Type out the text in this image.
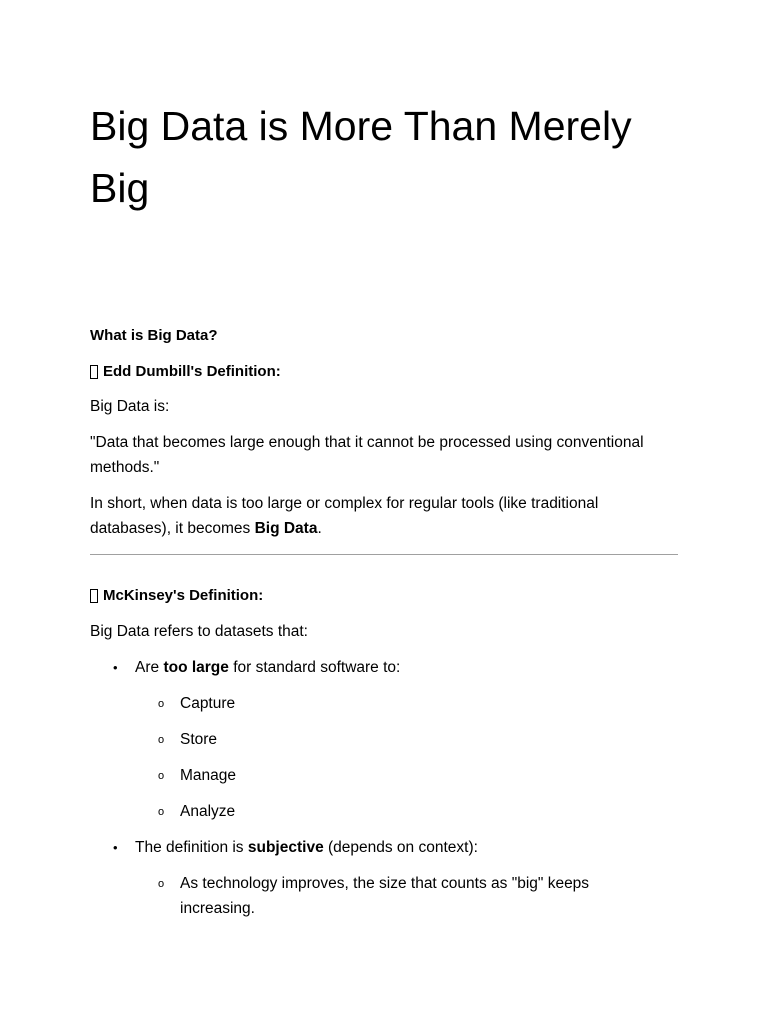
Big Data is More Than Merely Big
What is Big Data?
Edd Dumbill's Definition:

Big Data is:

"Data that becomes large enough that it cannot be processed using conventional methods."

In short, when data is too large or complex for regular tools (like traditional databases), it becomes Big Data.

McKinsey's Definition:

Big Data refers to datasets that:

• Are too large for standard software to:
o Capture
o Store
o Manage
o Analyze
• The definition is subjective (depends on context):
o As technology improves, the size that counts as "big" keeps increasing.
